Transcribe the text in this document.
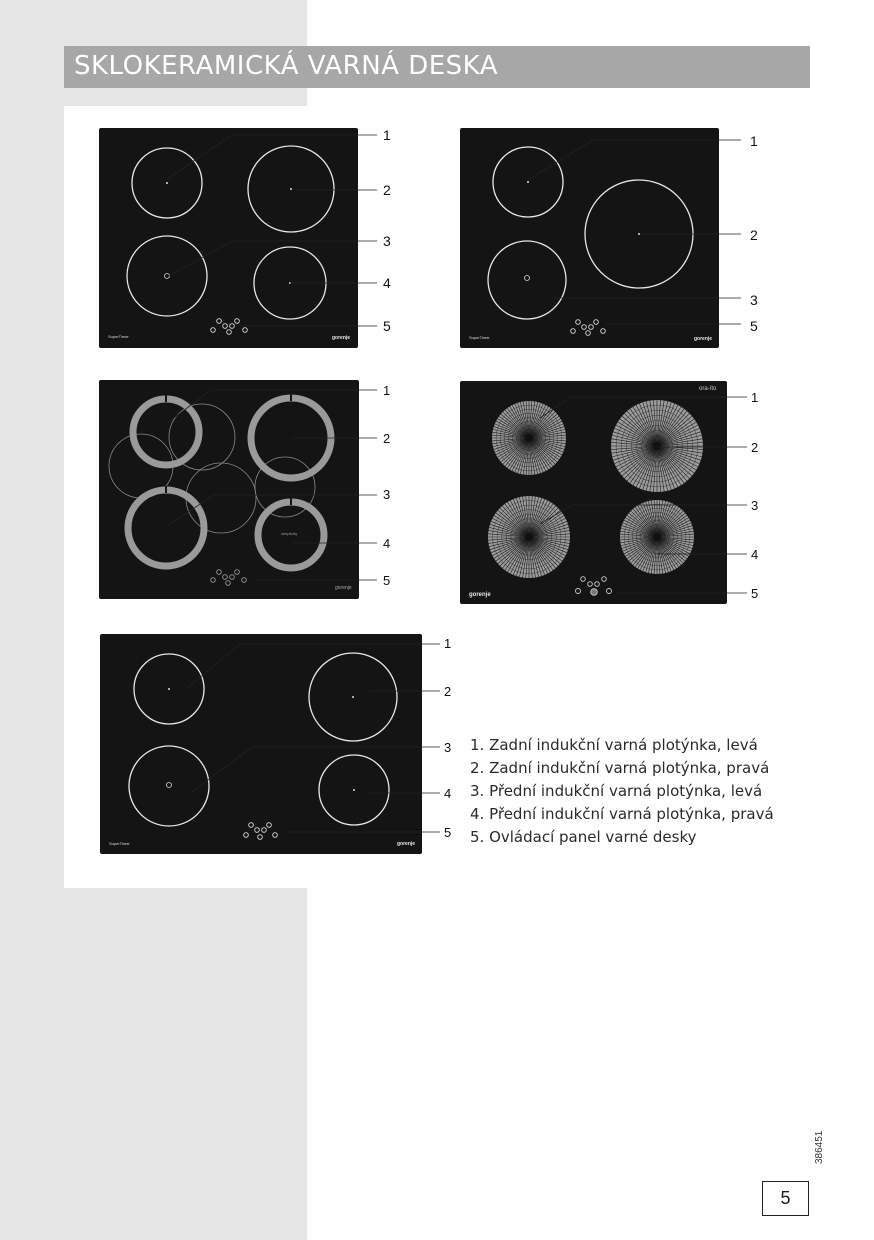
SKLOKERAMICKÁ VARNÁ DESKA
SuperTimer	gorenje	SuperTimer	gorenje
simplicity
gorenje
ora-ïto
gorenje
SuperTimer	gorenje
1
2
3
4
5
1
2
3
5
1
2
3
4
5
1
2
3
4
5
1
2
3
4
5
1. Zadní indukční varná plotýnka, levá
2. Zadní indukční varná plotýnka, pravá
3. Přední indukční varná plotýnka, levá
4. Přední indukční varná plotýnka, pravá
5. Ovládací panel varné desky
386451
5
